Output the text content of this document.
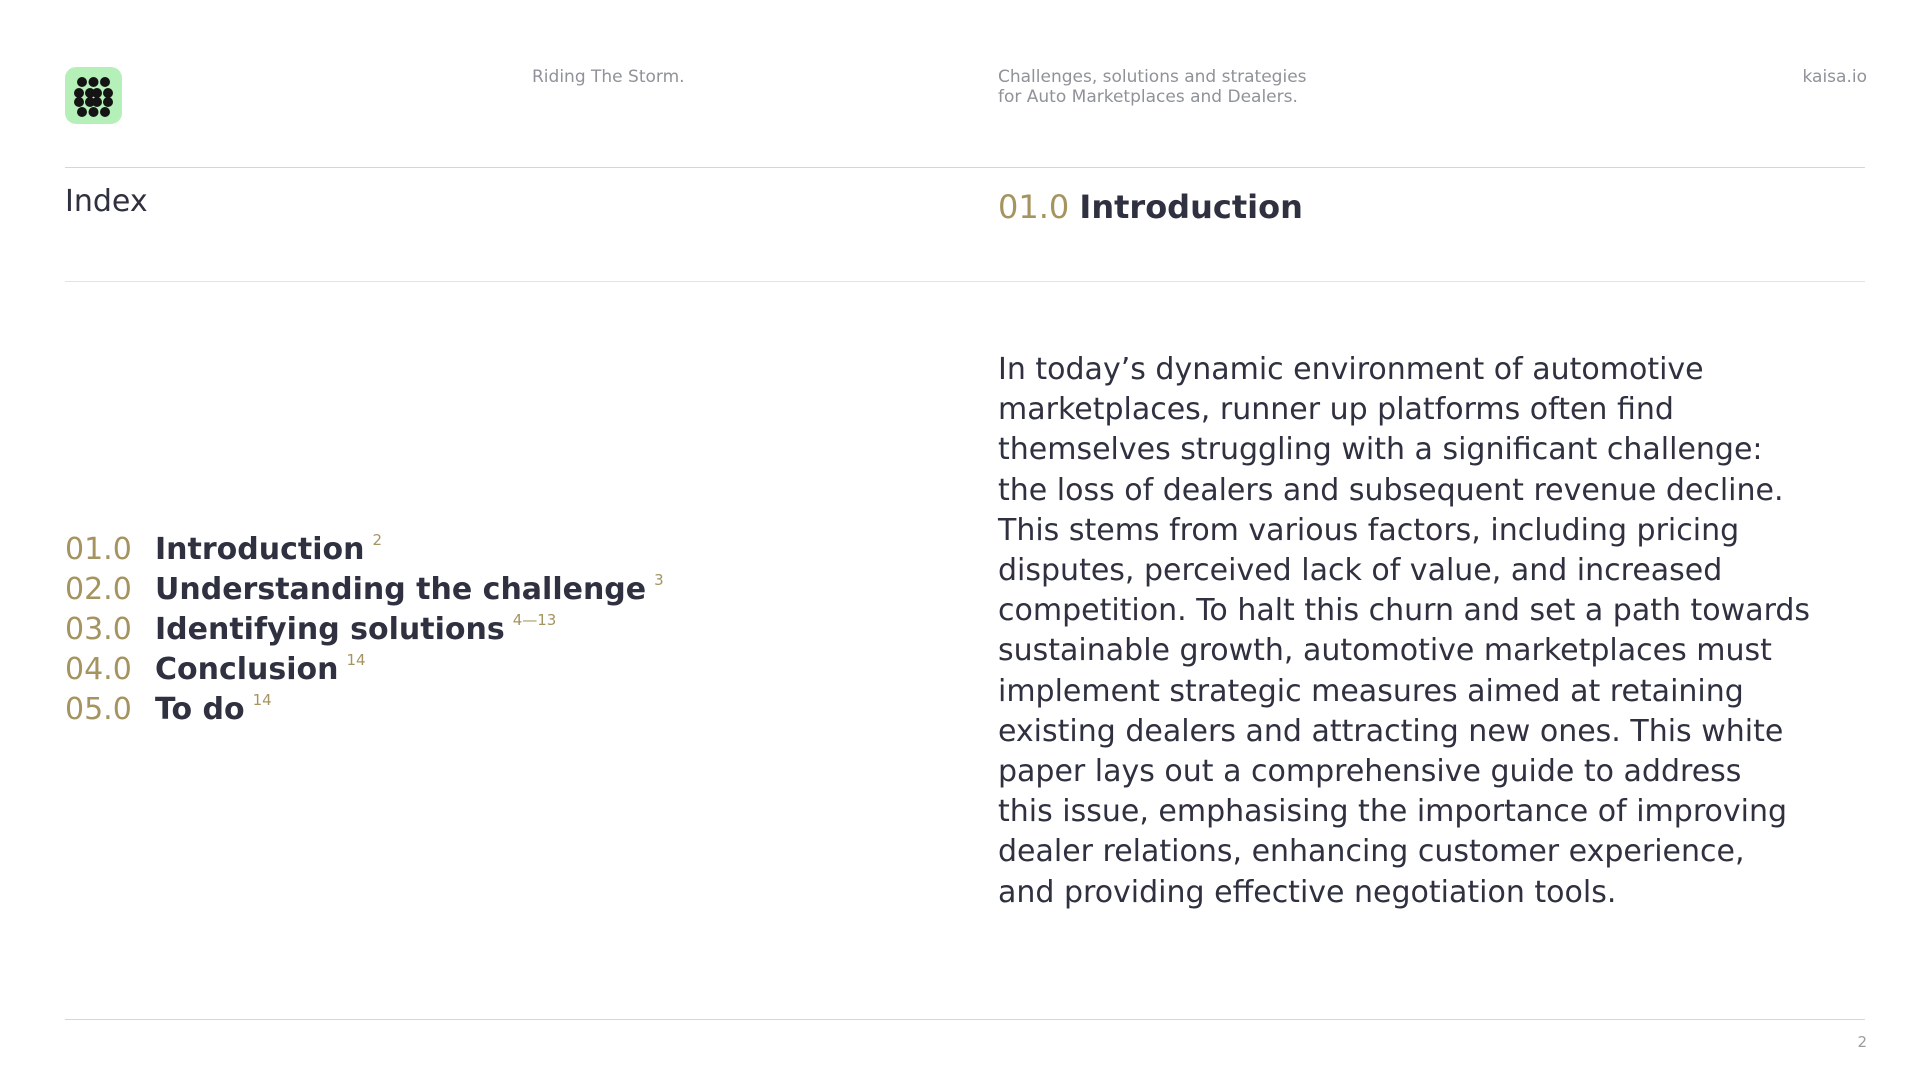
Riding The Storm.	Challenges, solutions and strategies
for Auto Marketplaces and Dealers.
kaisa.io
Index	01.0 Introduction
01.0 Introduction $^2$
02.0 Understanding the challenge $^3$
03.0 Identifying solutions $^{4—13}$
04.0 Conclusion $^{14}$
05.0 To do $^{14}$

In today’s dynamic environment of automotive
marketplaces, runner up platforms often find
themselves struggling with a significant challenge:
the loss of dealers and subsequent revenue decline.
This stems from various factors, including pricing
disputes, perceived lack of value, and increased
competition. To halt this churn and set a path towards
sustainable growth, automotive marketplaces must
implement strategic measures aimed at retaining
existing dealers and attracting new ones. This white
paper lays out a comprehensive guide to address
this issue, emphasising the importance of improving
dealer relations, enhancing customer experience,
and providing effective negotiation tools.

2
